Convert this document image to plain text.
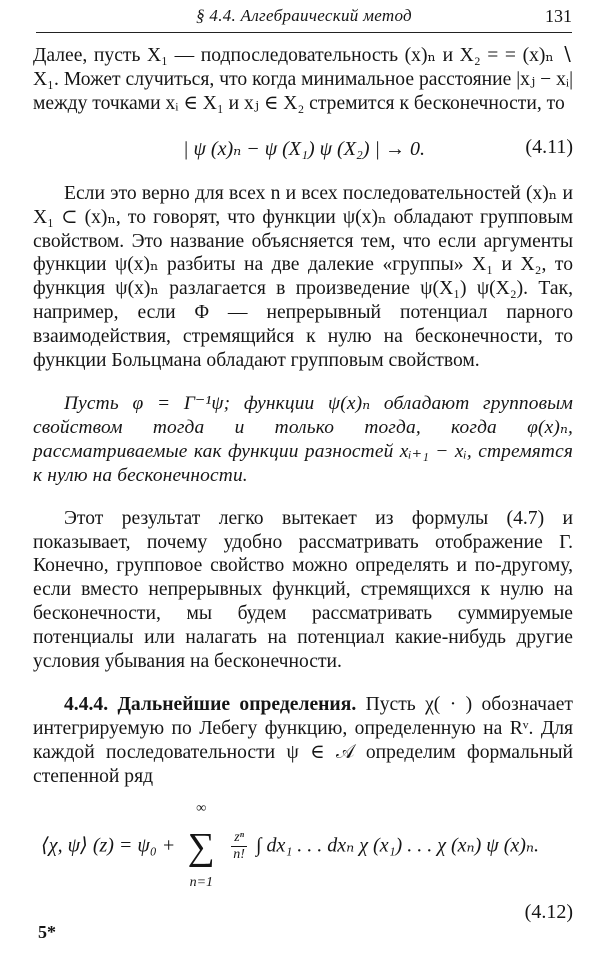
§ 4.4. Алгебраический метод	131

Далее, пусть X₁ — подпоследовательность (x)ₙ и X₂ = = (x)ₙ ∖ X₁. Может случиться, что когда минимальное расстояние |xⱼ − xᵢ| между точками xᵢ ∈ X₁ и xⱼ ∈ X₂ стремится к бесконечности, то

| ψ (x)ₙ − ψ (X₁) ψ (X₂) | → 0.	(4.11)

Если это верно для всех n и всех последовательностей (x)ₙ и X₁ ⊂ (x)ₙ, то говорят, что функции ψ(x)ₙ обладают групповым свойством. Это название объясняется тем, что если аргументы функции ψ(x)ₙ разбиты на две далекие «группы» X₁ и X₂, то функция ψ(x)ₙ разлагается в произведение ψ(X₁) ψ(X₂). Так, например, если Φ — непрерывный потенциал парного взаимодействия, стремящийся к нулю на бесконечности, то функции Больцмана обладают групповым свойством.

Пусть φ = Γ⁻¹ψ; функции ψ(x)ₙ обладают групповым свойством тогда и только тогда, когда φ(x)ₙ, рассматриваемые как функции разностей xᵢ₊₁ − xᵢ, стремятся к нулю на бесконечности.

Этот результат легко вытекает из формулы (4.7) и показывает, почему удобно рассматривать отображение Γ. Конечно, групповое свойство можно определять и по-другому, если вместо непрерывных функций, стремящихся к нулю на бесконечности, мы будем рассматривать суммируемые потенциалы или налагать на потенциал какие-нибудь другие условия убывания на бесконечности.

4.4.4. Дальнейшие определения. Пусть χ( · ) обозначает интегрируемую по Лебегу функцию, определенную на Rᵛ. Для каждой последовательности ψ ∈ 𝒜 определим формальный степенной ряд

⟨χ, ψ⟩ (z) = ψ₀ +
∞
∑
n=1

$\frac{\text{zⁿ}}{n!}$ ∫ dx₁ . . . dxₙ χ (x₁) . . . χ (xₙ) ψ (x)ₙ.
(4.12)
5*
